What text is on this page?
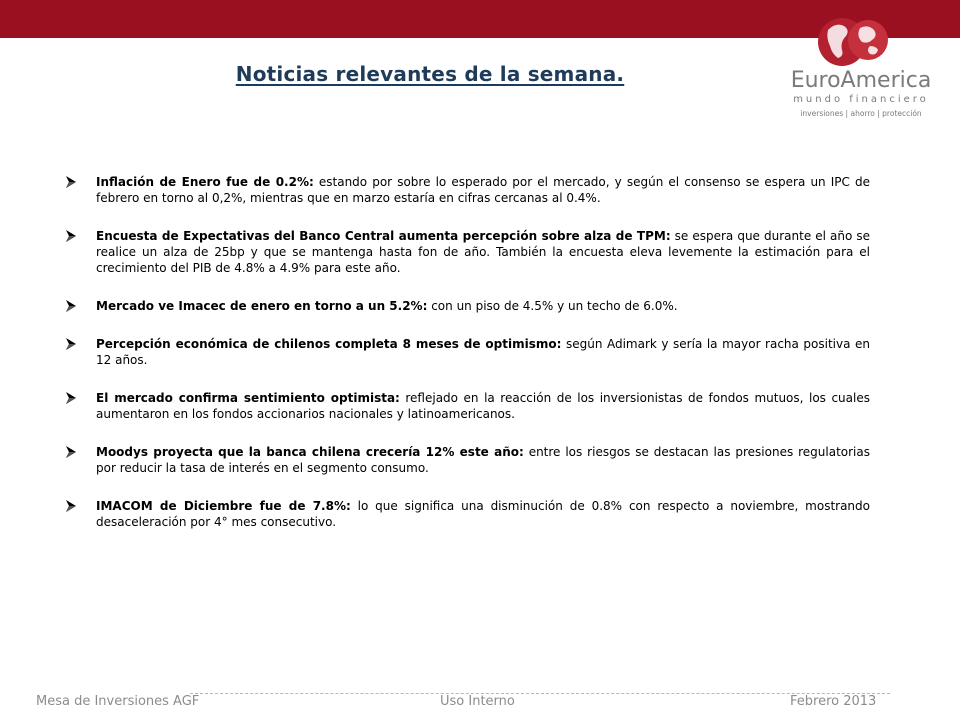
Noticias relevantes de la semana.	EuroAmerica
mundo financiero
inversiones | ahorro | protección
Inflación de Enero fue de 0.2%: estando por sobre lo esperado por el mercado, y según el consenso se espera un IPC de febrero en torno al 0,2%, mientras que en marzo estaría en cifras cercanas al 0.4%.
Encuesta de Expectativas del Banco Central aumenta percepción sobre alza de TPM: se espera que durante el año se realice un alza de 25bp y que se mantenga hasta fon de año. También la encuesta eleva levemente la estimación para el crecimiento del PIB de 4.8% a 4.9% para este año.
Mercado ve Imacec de enero en torno a un 5.2%: con un piso de 4.5% y un techo de 6.0%.
Percepción económica de chilenos completa 8 meses de optimismo: según Adimark y sería la mayor racha positiva en 12 años.
El mercado confirma sentimiento optimista: reflejado en la reacción de los inversionistas de fondos mutuos, los cuales aumentaron en los fondos accionarios nacionales y latinoamericanos.
Moodys proyecta que la banca chilena crecería 12% este año: entre los riesgos se destacan las presiones regulatorias por reducir la tasa de interés en el segmento consumo.
IMACOM de Diciembre fue de 7.8%: lo que significa una disminución de 0.8% con respecto a noviembre, mostrando desaceleración por 4° mes consecutivo.
Mesa de Inversiones AGF	Uso Interno	Febrero 2013
